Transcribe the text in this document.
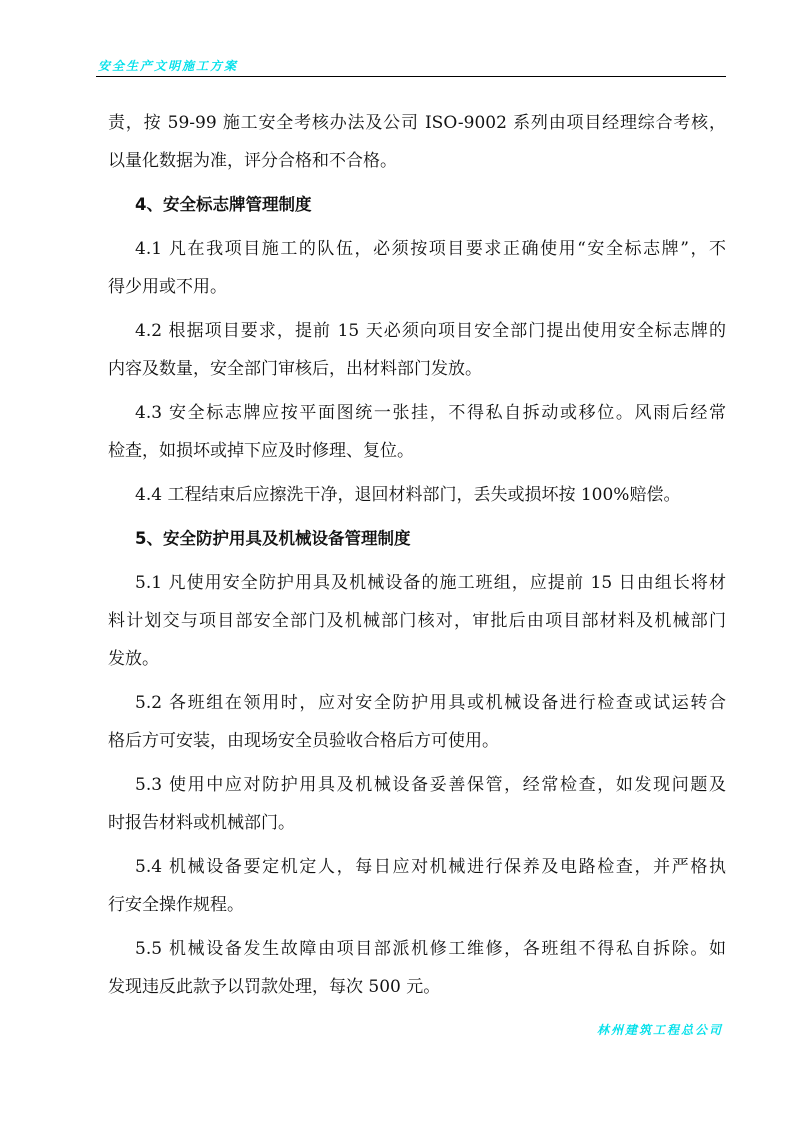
安全生产文明施工方案
责，按 59-99 施工安全考核办法及公司 ISO-9002 系列由项目经理综合考核，
以量化数据为准，评分合格和不合格。
4、安全标志牌管理制度
4.1 凡在我项目施工的队伍，必须按项目要求正确使用“安全标志牌”，不
得少用或不用。
4.2 根据项目要求，提前 15 天必须向项目安全部门提出使用安全标志牌的
内容及数量，安全部门审核后，出材料部门发放。
4.3 安全标志牌应按平面图统一张挂，不得私自拆动或移位。风雨后经常
检查，如损坏或掉下应及时修理、复位。
4.4 工程结束后应擦洗干净，退回材料部门，丢失或损坏按 100%赔偿。
5、安全防护用具及机械设备管理制度
5.1 凡使用安全防护用具及机械设备的施工班组，应提前 15 日由组长将材
料计划交与项目部安全部门及机械部门核对，审批后由项目部材料及机械部门
发放。
5.2 各班组在领用时，应对安全防护用具或机械设备进行检查或试运转合
格后方可安装，由现场安全员验收合格后方可使用。
5.3 使用中应对防护用具及机械设备妥善保管，经常检查，如发现问题及
时报告材料或机械部门。
5.4 机械设备要定机定人，每日应对机械进行保养及电路检查，并严格执
行安全操作规程。
5.5 机械设备发生故障由项目部派机修工维修，各班组不得私自拆除。如
发现违反此款予以罚款处理，每次 500 元。
林州建筑工程总公司
